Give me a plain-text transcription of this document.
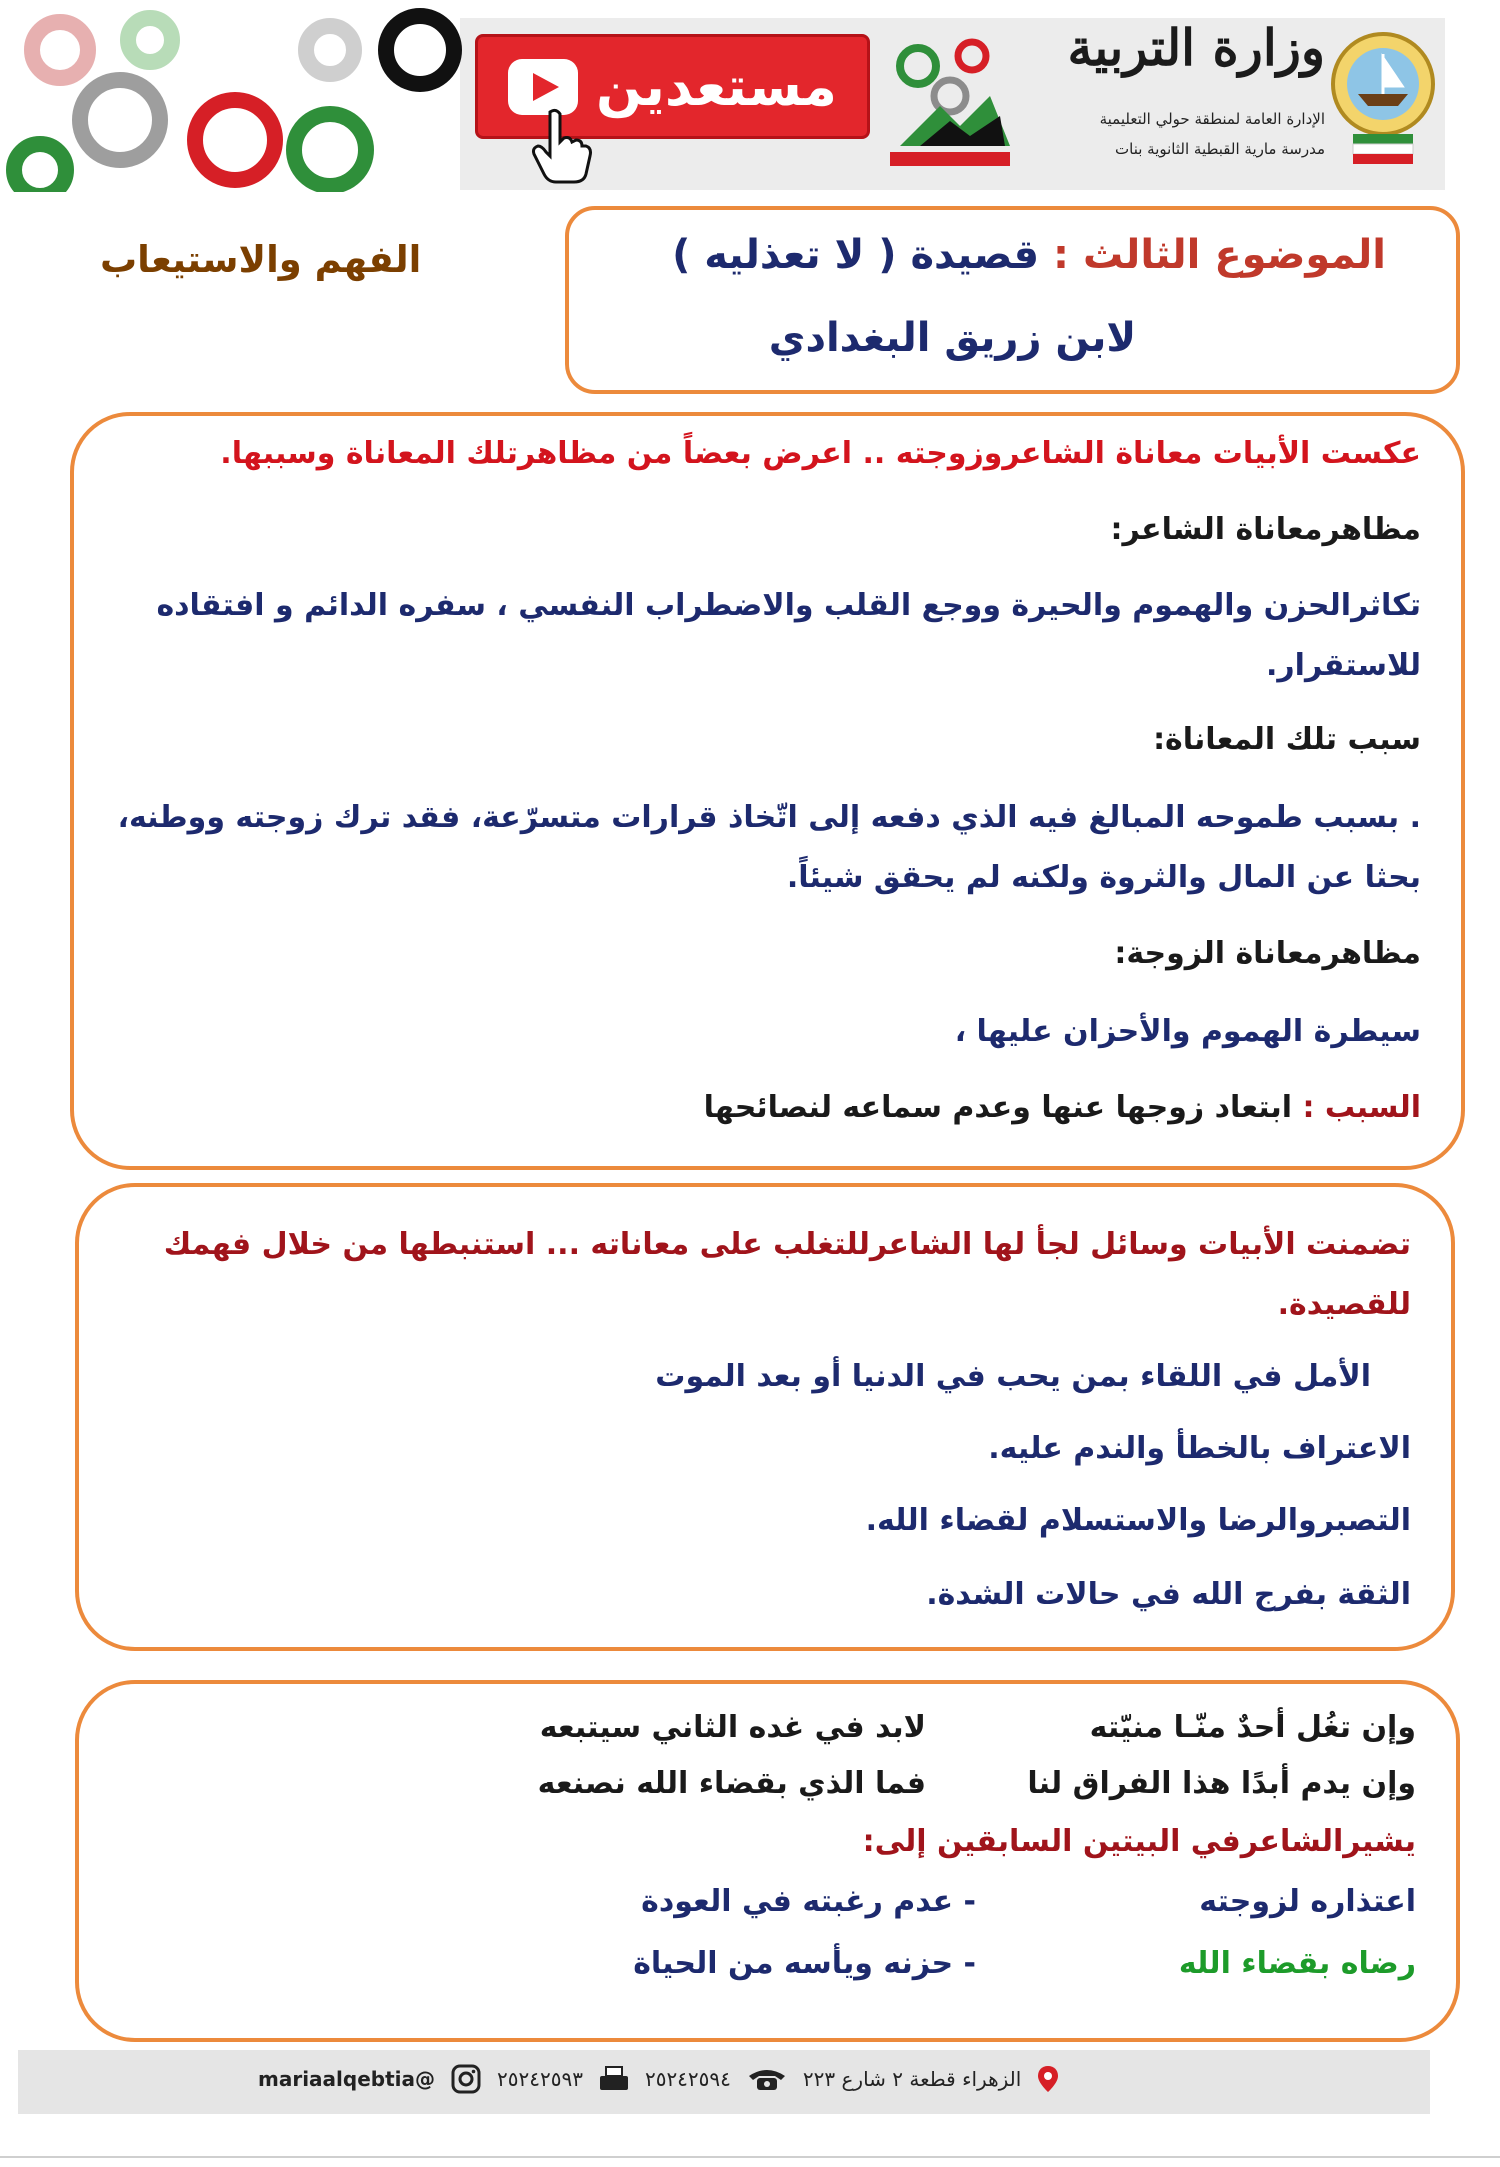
مستعدين
وزارة التربية
الإدارة العامة لمنطقة حولي التعليمية
مدرسة مارية القبطية الثانوية بنات
الموضوع الثالث : قصيدة ( لا تعذليه )
لابن زريق البغدادي
الفهم والاستيعاب
عكست الأبيات معاناة الشاعروزوجته .. اعرض بعضاً من مظاهرتلك المعاناة وسببها.
مظاهرمعاناة الشاعر:
تكاثرالحزن والهموم والحيرة ووجع القلب والاضطراب النفسي ، سفره الدائم و افتقاده
للاستقرار.
سبب تلك المعاناة:
. بسبب طموحه المبالغ فيه الذي دفعه إلى اتّخاذ قرارات متسرّعة، فقد ترك زوجته ووطنه،
بحثا عن المال والثروة ولكنه لم يحقق شيئاً.
مظاهرمعاناة الزوجة:
سيطرة الهموم والأحزان عليها ،
السبب : ابتعاد زوجها عنها وعدم سماعه لنصائحها
تضمنت الأبيات وسائل لجأ لها الشاعرللتغلب على معاناته ... استنبطها من خلال فهمك
للقصيدة.
الأمل في اللقاء بمن يحب في الدنيا أو بعد الموت
الاعتراف بالخطأ والندم عليه.
التصبروالرضا والاستسلام لقضاء الله.
الثقة بفرج الله في حالات الشدة.
وإن تغُل أحدٌ منّـا منيّته
لابد في غده الثاني سيتبعه
وإن يدم أبدًا هذا الفراق لنا
فما الذي بقضاء الله نصنعه
يشيرالشاعرفي البيتين السابقين إلى:
اعتذاره لزوجته
- عدم رغبته في العودة
رضاه بقضاء الله
- حزنه ويأسه من الحياة
الزهراء قطعة ٢ شارع ٢٢٣
٢٥٢٤٢٥٩٤
٢٥٢٤٢٥٩٣
@mariaalqebtia
